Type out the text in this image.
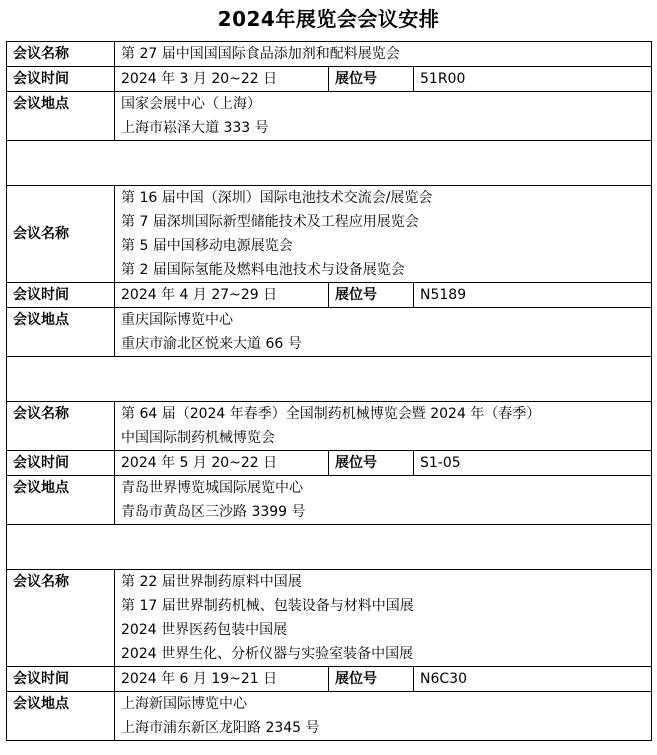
2024年展览会会议安排
会议名称	第 27 届中国国国际食品添加剂和配料展览会		

会议时间	2024 年 3 月 20~22 日	展位号	51R00
会议地点	国家会展中心（上海）
上海市崧泽大道 333 号		

会议名称	第 16 届中国（深圳）国际电池技术交流会/展览会
第 7 届深圳国际新型储能技术及工程应用展览会
第 5 届中国移动电源展览会
第 2 届国际氢能及燃料电池技术与设备展览会		

会议时间	2024 年 4 月 27~29 日	展位号	N5189
会议地点	重庆国际博览中心
重庆市渝北区悦来大道 66 号		

会议名称	第 64 届（2024 年春季）全国制药机械博览会暨 2024 年（春季）
中国国际制药机械博览会		

会议时间	2024 年 5 月 20~22 日	展位号	S1-05
会议地点	青岛世界博览城国际展览中心
青岛市黄岛区三沙路 3399 号		

会议名称	第 22 届世界制药原料中国展
第 17 届世界制药机械、包装设备与材料中国展
2024 世界医药包装中国展
2024 世界生化、分析仪器与实验室装备中国展		

会议时间	2024 年 6 月 19~21 日	展位号	N6C30
会议地点	上海新国际博览中心
上海市浦东新区龙阳路 2345 号		
